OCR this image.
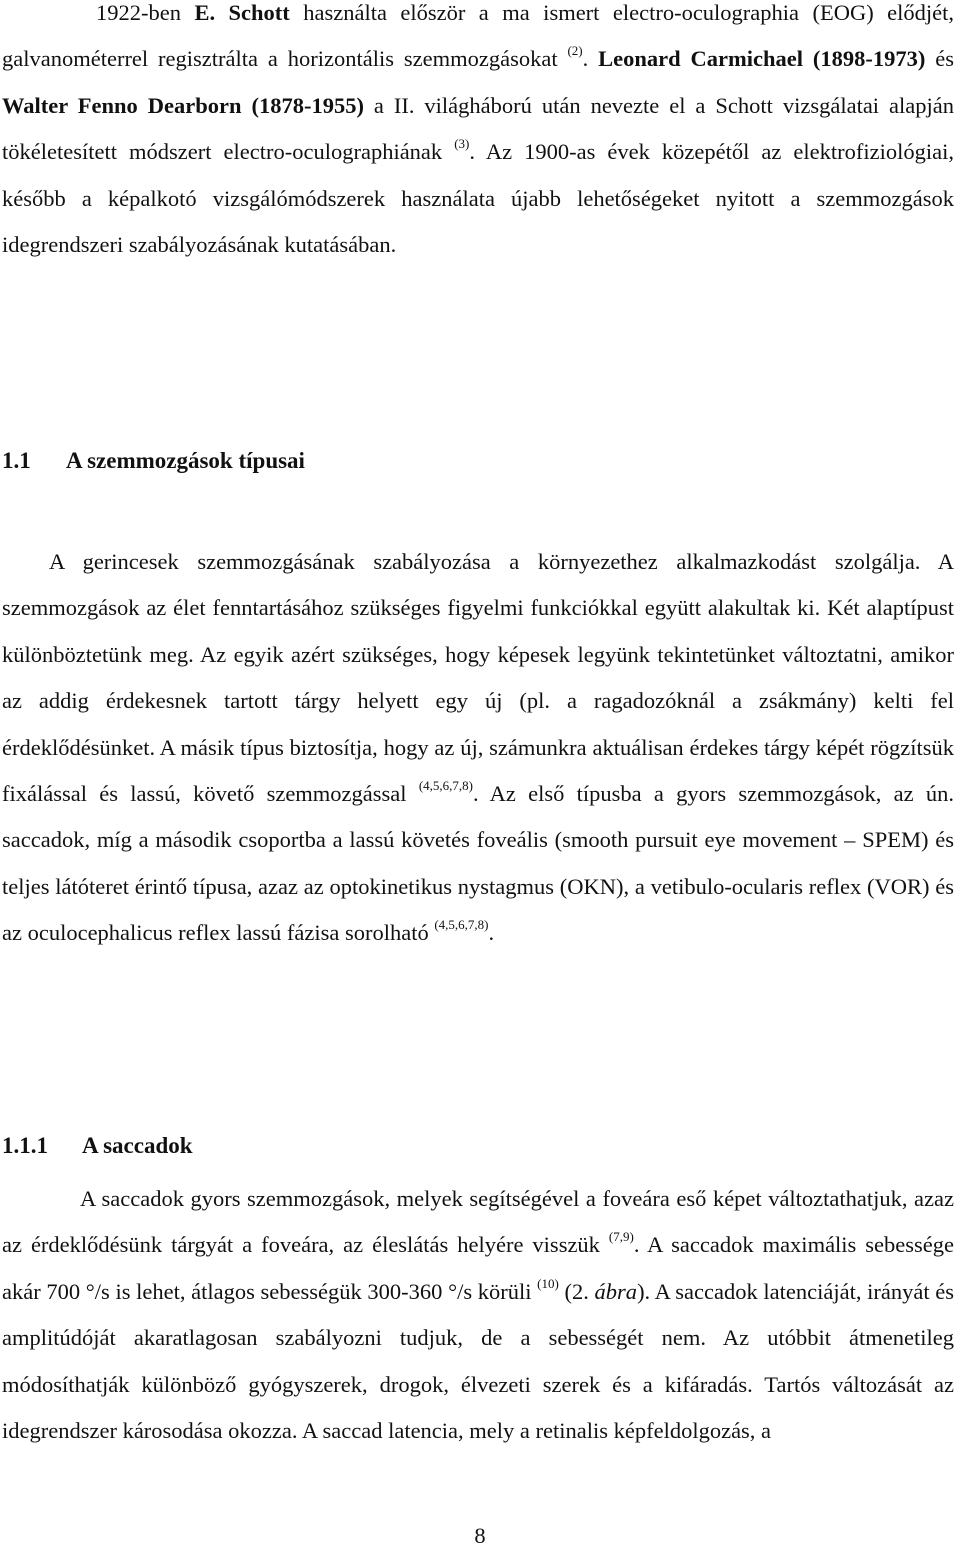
1922-ben E. Schott használta először a ma ismert electro-oculographia (EOG) elődjét, galvanométerrel regisztrálta a horizontális szemmozgásokat $^{(2)}$. Leonard Carmichael (1898-1973) és Walter Fenno Dearborn (1878-1955) a II. világháború után nevezte el a Schott vizsgálatai alapján tökéletesített módszert electro-oculographiának $^{(3)}$. Az 1900-as évek közepétől az elektrofiziológiai, később a képalkotó vizsgálómódszerek használata újabb lehetőségeket nyitott a szemmozgások idegrendszeri szabályozásának kutatásában.

1.1 A szemmozgások típusai

A gerincesek szemmozgásának szabályozása a környezethez alkalmazkodást szolgálja. A szemmozgások az élet fenntartásához szükséges figyelmi funkciókkal együtt alakultak ki. Két alaptípust különböztetünk meg. Az egyik azért szükséges, hogy képesek legyünk tekintetünket változtatni, amikor az addig érdekesnek tartott tárgy helyett egy új (pl. a ragadozóknál a zsákmány) kelti fel érdeklődésünket. A másik típus biztosítja, hogy az új, számunkra aktuálisan érdekes tárgy képét rögzítsük fixálással és lassú, követő szemmozgással $^{(4,5,6,7,8)}$. Az első típusba a gyors szemmozgások, az ún. saccadok, míg a második csoportba a lassú követés foveális (smooth pursuit eye movement – SPEM) és teljes látóteret érintő típusa, azaz az optokinetikus nystagmus (OKN), a vetibulo-ocularis reflex (VOR) és az oculocephalicus reflex lassú fázisa sorolható $^{(4,5,6,7,8)}$.

1.1.1 A saccadok

A saccadok gyors szemmozgások, melyek segítségével a foveára eső képet változtathatjuk, azaz az érdeklődésünk tárgyát a foveára, az éleslátás helyére visszük $^{(7,9)}$. A saccadok maximális sebessége akár 700 °/s is lehet, átlagos sebességük 300-360 °/s körüli $^{(10)}$ (2. ábra). A saccadok latenciáját, irányát és amplitúdóját akaratlagosan szabályozni tudjuk, de a sebességét nem. Az utóbbit átmenetileg módosíthatják különböző gyógyszerek, drogok, élvezeti szerek és a kifáradás. Tartós változását az idegrendszer károsodása okozza. A saccad latencia, mely a retinalis képfeldolgozás, a

8
